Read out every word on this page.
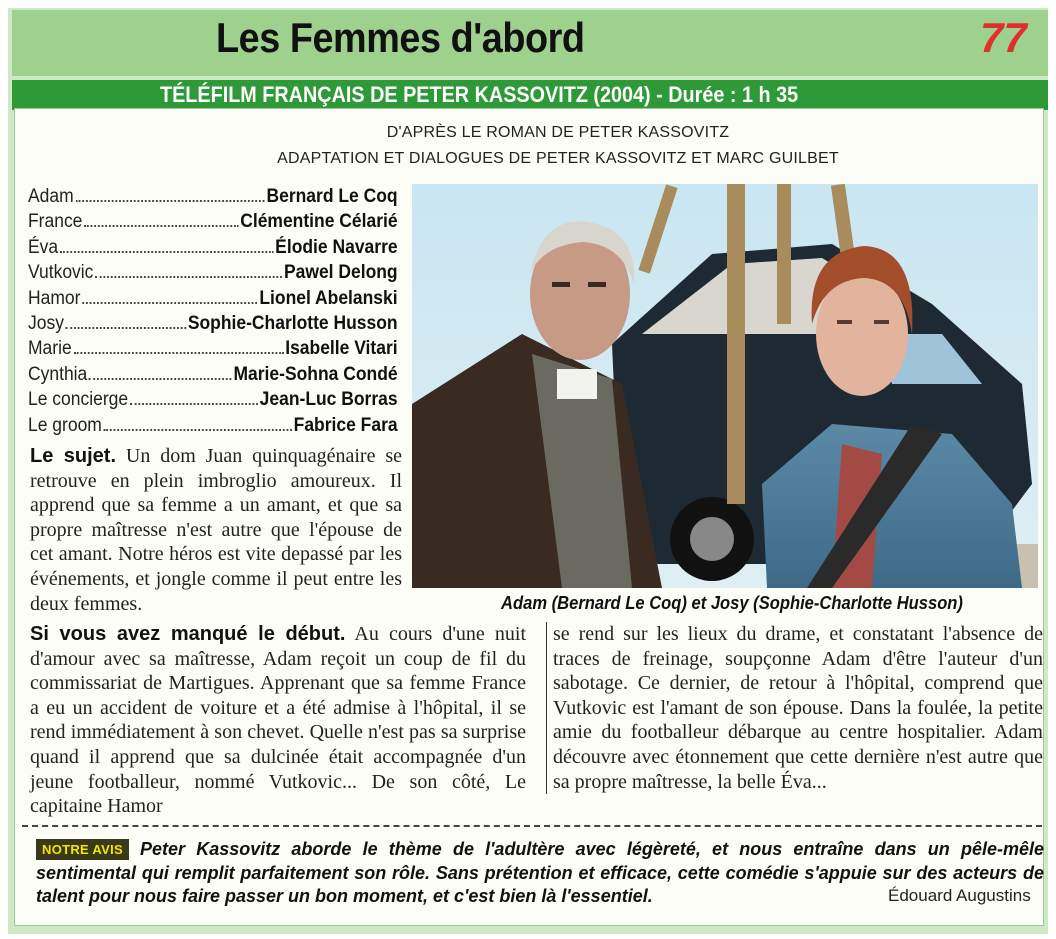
Les Femmes d'abord	77
TÉLÉFILM FRANÇAIS DE PETER KASSOVITZ (2004) - Durée : 1 h 35
D'APRÈS LE ROMAN DE PETER KASSOVITZ
ADAPTATION ET DIALOGUES DE PETER KASSOVITZ ET MARC GUILBET
Adam	Bernard Le Coq
France	Clémentine Célarié
Éva	Élodie Navarre
Vutkovic	Pawel Delong
Hamor	Lionel Abelanski
Josy	Sophie-Charlotte Husson
Marie	Isabelle Vitari
Cynthia	Marie-Sohna Condé
Le concierge	Jean-Luc Borras
Le groom	Fabrice Fara
Adam (Bernard Le Coq) et Josy (Sophie-Charlotte Husson)
Le sujet. Un dom Juan quinquagénaire se retrouve en plein imbroglio amoureux. Il apprend que sa femme a un amant, et que sa propre maîtresse n'est autre que l'épouse de cet amant. Notre héros est vite depassé par les événements, et jongle comme il peut entre les deux femmes.
Si vous avez manqué le début. Au cours d'une nuit d'amour avec sa maîtresse, Adam reçoit un coup de fil du commissariat de Martigues. Apprenant que sa femme France a eu un accident de voiture et a été admise à l'hôpital, il se rend immédiatement à son chevet. Quelle n'est pas sa surprise quand il apprend que sa dulcinée était accompagnée d'un jeune footballeur, nommé Vutkovic... De son côté, Le capitaine Hamor

se rend sur les lieux du drame, et constatant l'absence de traces de freinage, soupçonne Adam d'être l'auteur d'un sabotage. Ce dernier, de retour à l'hôpital, comprend que Vutkovic est l'amant de son épouse. Dans la foulée, la petite amie du footballeur débarque au centre hospitalier. Adam découvre avec étonnement que cette dernière n'est autre que sa propre maîtresse, la belle Éva...

Peter Kassovitz aborde le thème de l'adultère avec légèreté, et nous entraîne dans un pêle-mêle sentimental qui remplit parfaitement son rôle. Sans prétention et efficace, cette comédie s'appuie sur des acteurs de talent pour nous faire passer un bon moment, et c'est bien là l'essentiel.
NOTRE AVIS
Édouard Augustins
